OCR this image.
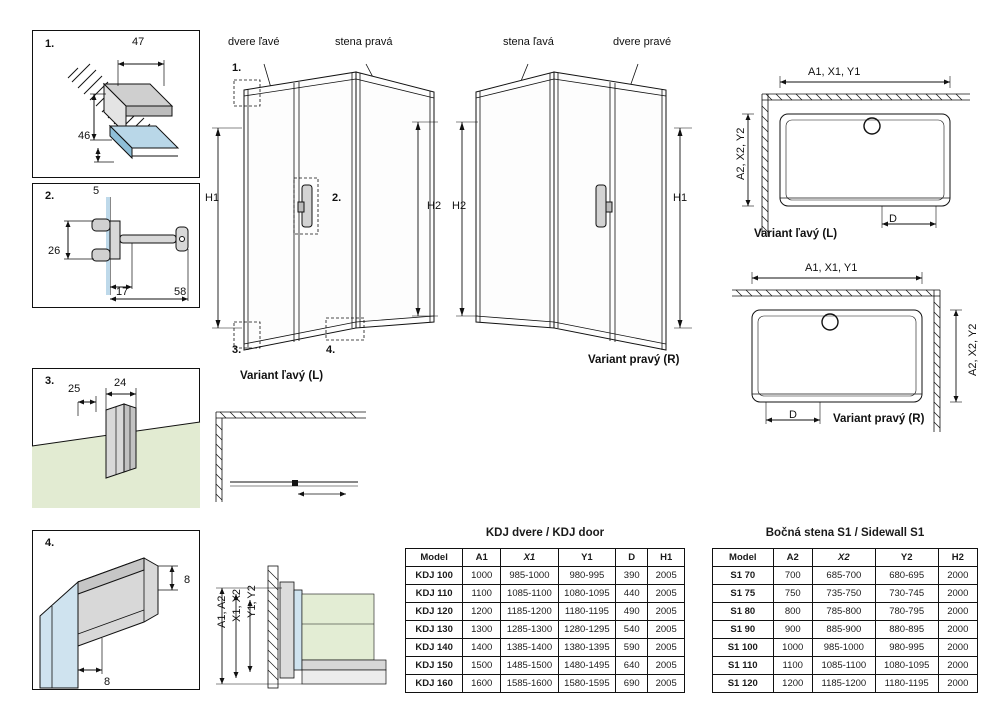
1.	47
46
5
2.
26
17	58
3.
25	24
4.
8
8
dvere ľavé	stena pravá
1.
2.
3.	4.
H1
H2
Variant ľavý (L)
stena ľavá	dvere pravé
H2
H1
Variant pravý (R)
A1, X1, Y1
A2, X2, Y2
D
Variant ľavý (L)
A1, X1, Y1
A2, X2, Y2
D	Variant pravý (R)
A1, A2 X1, X2 Y1, Y2
KDJ dvere / KDJ door
Model	A1	X1	Y1	D	H1
KDJ 100	1000	985-1000	980-995	390	2005
KDJ 110	1100	1085-1100	1080-1095	440	2005
KDJ 120	1200	1185-1200	1180-1195	490	2005
KDJ 130	1300	1285-1300	1280-1295	540	2005
KDJ 140	1400	1385-1400	1380-1395	590	2005
KDJ 150	1500	1485-1500	1480-1495	640	2005
KDJ 160	1600	1585-1600	1580-1595	690	2005
Bočná stena S1 / Sidewall S1
Model	A2	X2	Y2	H2
S1 70	700	685-700	680-695	2000
S1 75	750	735-750	730-745	2000
S1 80	800	785-800	780-795	2000
S1 90	900	885-900	880-895	2000
S1 100	1000	985-1000	980-995	2000
S1 110	1100	1085-1100	1080-1095	2000
S1 120	1200	1185-1200	1180-1195	2000
